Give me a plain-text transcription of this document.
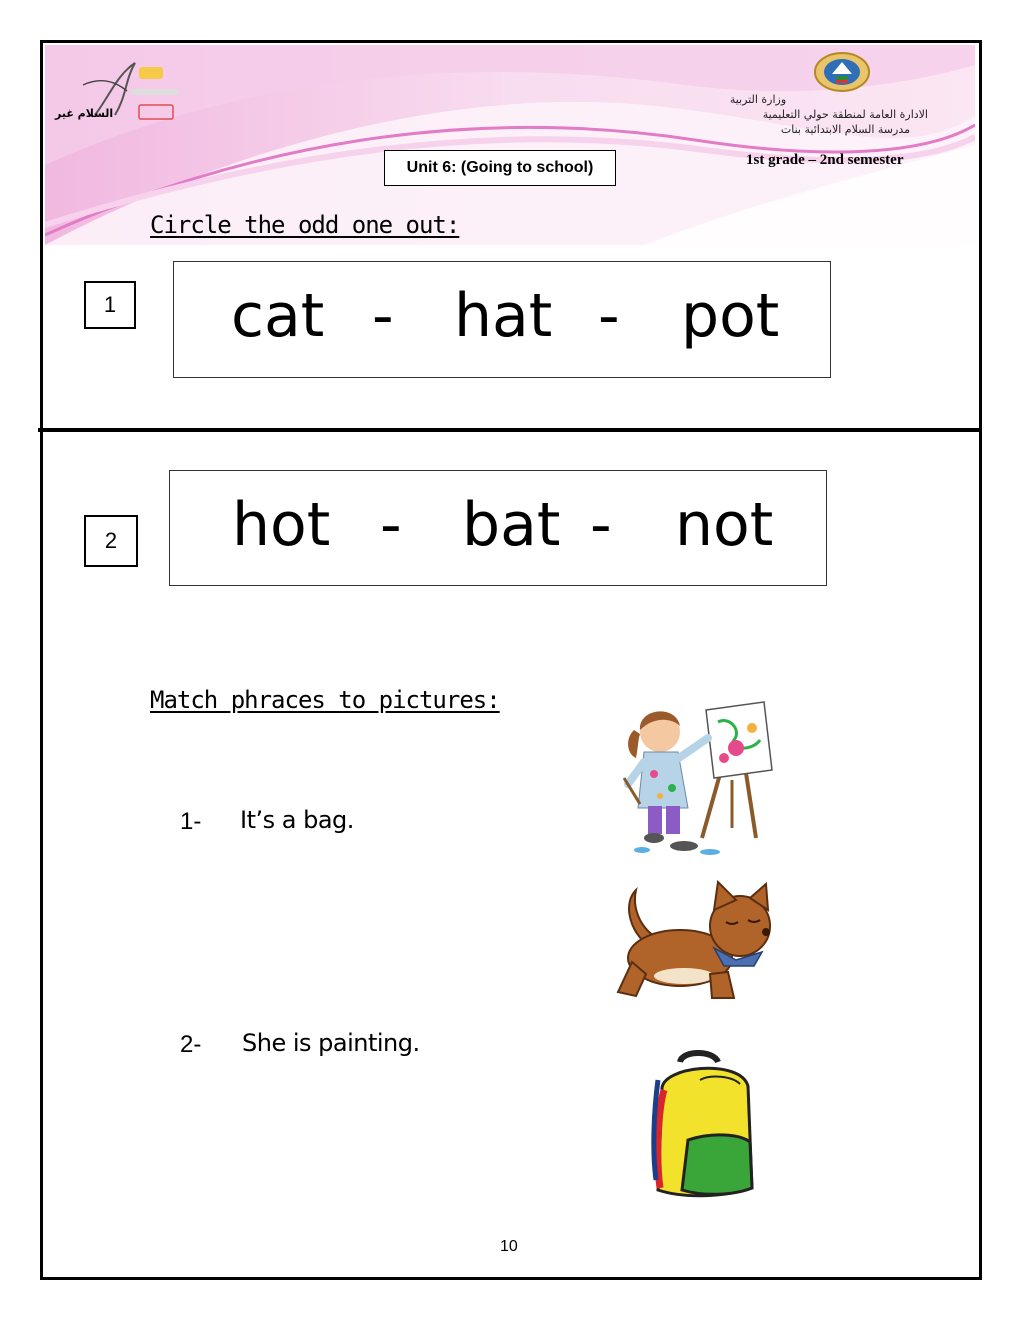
السلام غير
وزارة التربية
الادارة العامة لمنطقة حولي التعليمية
مدرسة السلام الابتدائية بنات
Unit 6: (Going to school)	1st grade – 2nd semester
Circle the odd one out:
1	cat - hat - pot
2	hot - bat - not
Match phraces to pictures:
1- It’s a bag.
2- She is painting.
10
